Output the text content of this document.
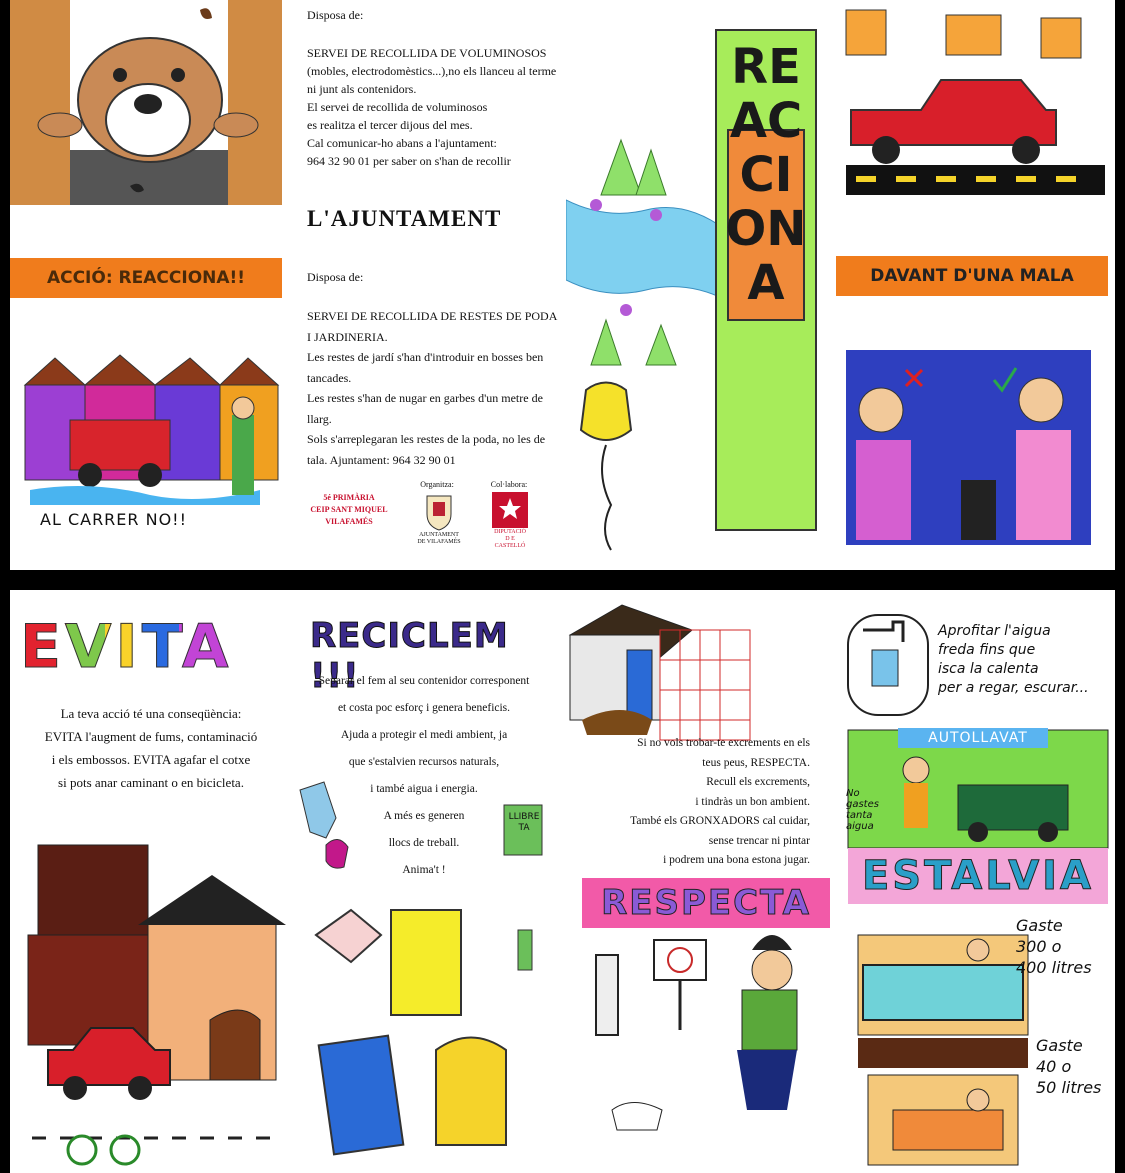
ACCIÓ: REACCIONA!!
AL CARRER NO!!
Disposa de:
SERVEI DE RECOLLIDA DE VOLUMINOSOS
(mobles, electrodomèstics...),no els llanceu al terme
ni junt als contenidors.
El servei de recollida de voluminosos
es realitza el tercer dijous del mes.
Cal comunicar-ho abans a l'ajuntament:
964 32 90 01 per saber on s'han de recollir
L'AJUNTAMENT
Disposa de:
SERVEI DE RECOLLIDA DE RESTES DE PODA
I JARDINERIA.
Les restes de jardí s'han d'introduir en bosses ben
tancades.
Les restes s'han de nugar en garbes d'un metre de
llarg.
Sols s'arreplegaran les restes de la poda, no les de
tala. Ajuntament: 964 32 90 01
5é PRIMÀRIA
CEIP SANT MIQUEL
VILAFAMÉS
Organitza:
AJUNTAMENT
DE VILAFAMÉS
Col·labora:
DIPUTACIÓ
D E
CASTELLÓ
REACCIONA	DAVANT D'UNA MALA
EVITA
La teva acció té una conseqüència:
EVITA l'augment de fums, contaminació
i els embossos. EVITA agafar el cotxe
si pots anar caminant o en bicicleta.
RECICLEM !!!
Separar el fem al seu contenidor corresponent
et costa poc esforç i genera beneficis.
Ajuda a protegir el medi ambient, ja
que s'estalvien recursos naturals,
i també aigua i energia.
A més es generen
llocs de treball.
Anima't !
LLIBRE TA
Si no vols trobar-te excrements en els
teus peus, RESPECTA.
Recull els excrements,
i tindràs un bon ambient.
També els GRONXADORS cal cuidar,
sense trencar ni pintar
i podrem una bona estona jugar.
RESPECTA
Aprofitar l'aigua
freda fins que
isca la calenta
per a regar, escurar...
AUTOLLAVAT
No
gastes
tanta
aigua
ESTALVIA
Gaste
300 o
400 litres
Gaste
40 o
50 litres
